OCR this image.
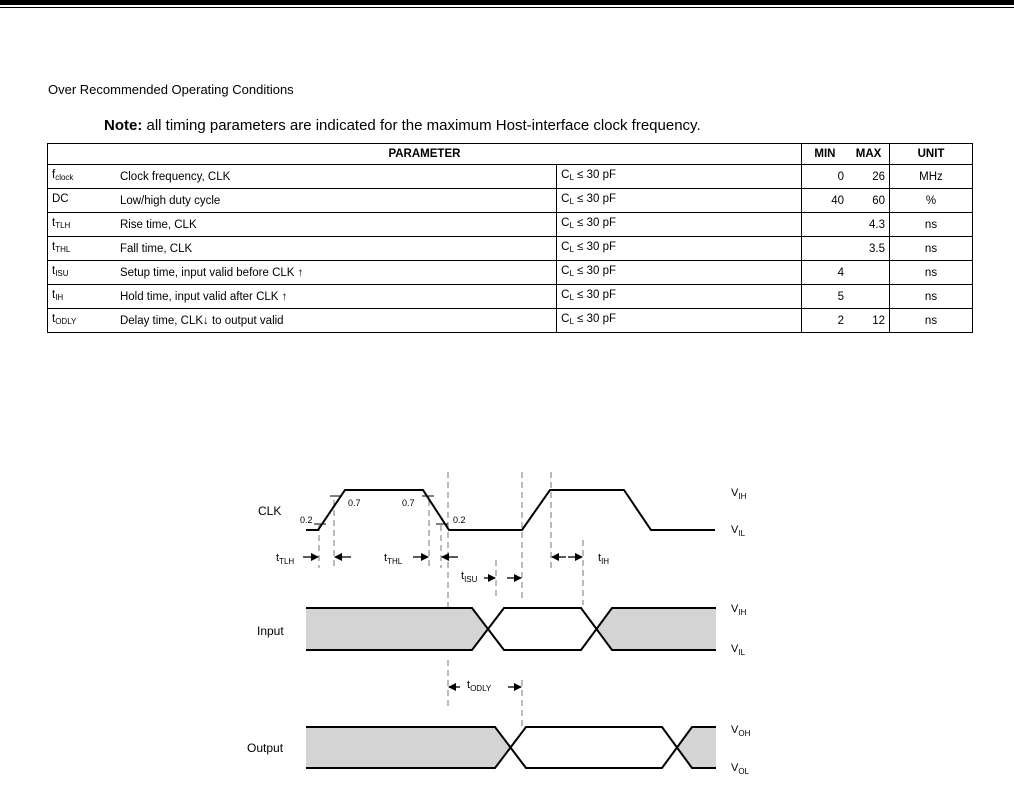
Over Recommended Operating Conditions
Note: all timing parameters are indicated for the maximum Host-interface clock frequency.
PARAMETER			MIN	MAX	UNIT
$f_{clock}$	Clock frequency, CLK	$C_L \le 30$ pF	0	26	MHz
DC	Low/high duty cycle	$C_L \le 30$ pF	40	60	%
$t_{TLH}$	Rise time, CLK	$C_L \le 30$ pF		4.3	ns
$t_{THL}$	Fall time, CLK	$C_L \le 30$ pF		3.5	ns
$t_{ISU}$	Setup time, input valid before CLK ↑	$C_L \le 30$ pF	4		ns
$t_{IH}$	Hold time, input valid after CLK ↑	$C_L \le 30$ pF	5		ns
$t_{ODLY}$	Delay time, CLK↓ to output valid	$C_L \le 30$ pF	2	12	ns
CLK
Input
Output
0.2
0.7	0.7
0.2
$V_{IH}$
$V_{IL}$
$V_{IH}$
$V_{IL}$
$V_{OH}$
$V_{OL}$
$t_{TLH}$	$t_{THL}$
$t_{ISU}$
$t_{IH}$
$t_{ODLY}$
